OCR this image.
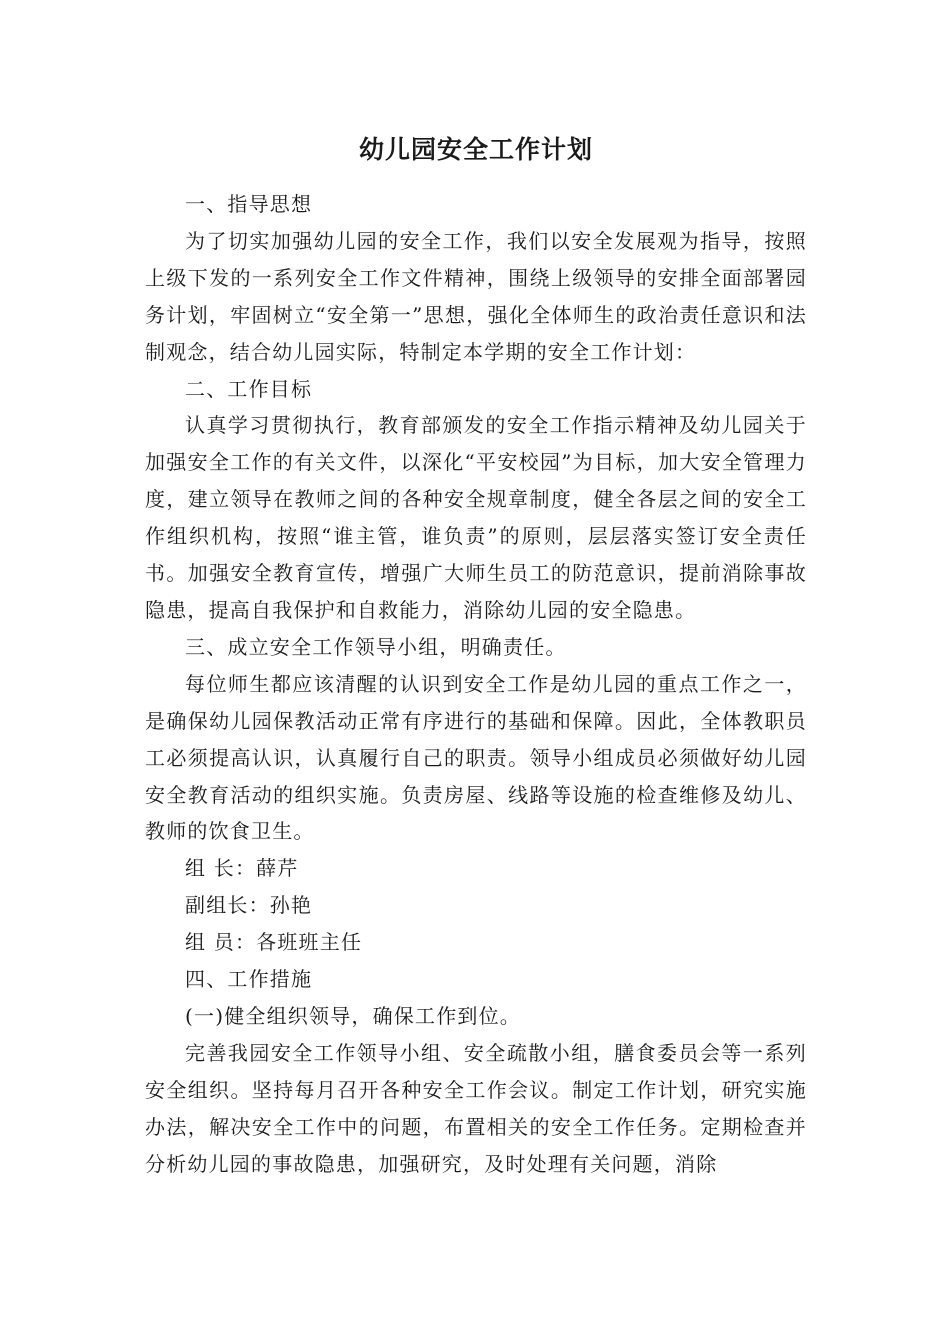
幼儿园安全工作计划

一、指导思想

为了切实加强幼儿园的安全工作，我们以安全发展观为指导，按照上级下发的一系列安全工作文件精神，围绕上级领导的安排全面部署园务计划，牢固树立“安全第一”思想，强化全体师生的政治责任意识和法制观念，结合幼儿园实际，特制定本学期的安全工作计划：

二、工作目标

认真学习贯彻执行，教育部颁发的安全工作指示精神及幼儿园关于加强安全工作的有关文件，以深化“平安校园”为目标，加大安全管理力度，建立领导在教师之间的各种安全规章制度，健全各层之间的安全工作组织机构，按照“谁主管，谁负责”的原则，层层落实签订安全责任书。加强安全教育宣传，增强广大师生员工的防范意识，提前消除事故隐患，提高自我保护和自救能力，消除幼儿园的安全隐患。

三、成立安全工作领导小组，明确责任。

每位师生都应该清醒的认识到安全工作是幼儿园的重点工作之一，是确保幼儿园保教活动正常有序进行的基础和保障。因此，全体教职员工必须提高认识，认真履行自己的职责。领导小组成员必须做好幼儿园安全教育活动的组织实施。负责房屋、线路等设施的检查维修及幼儿、教师的饮食卫生。

组 长：薛芹

副组长：孙艳

组 员：各班班主任

四、工作措施

(一)健全组织领导，确保工作到位。

完善我园安全工作领导小组、安全疏散小组，膳食委员会等一系列安全组织。坚持每月召开各种安全工作会议。制定工作计划，研究实施办法，解决安全工作中的问题，布置相关的安全工作任务。定期检查并分析幼儿园的事故隐患，加强研究，及时处理有关问题，消除
